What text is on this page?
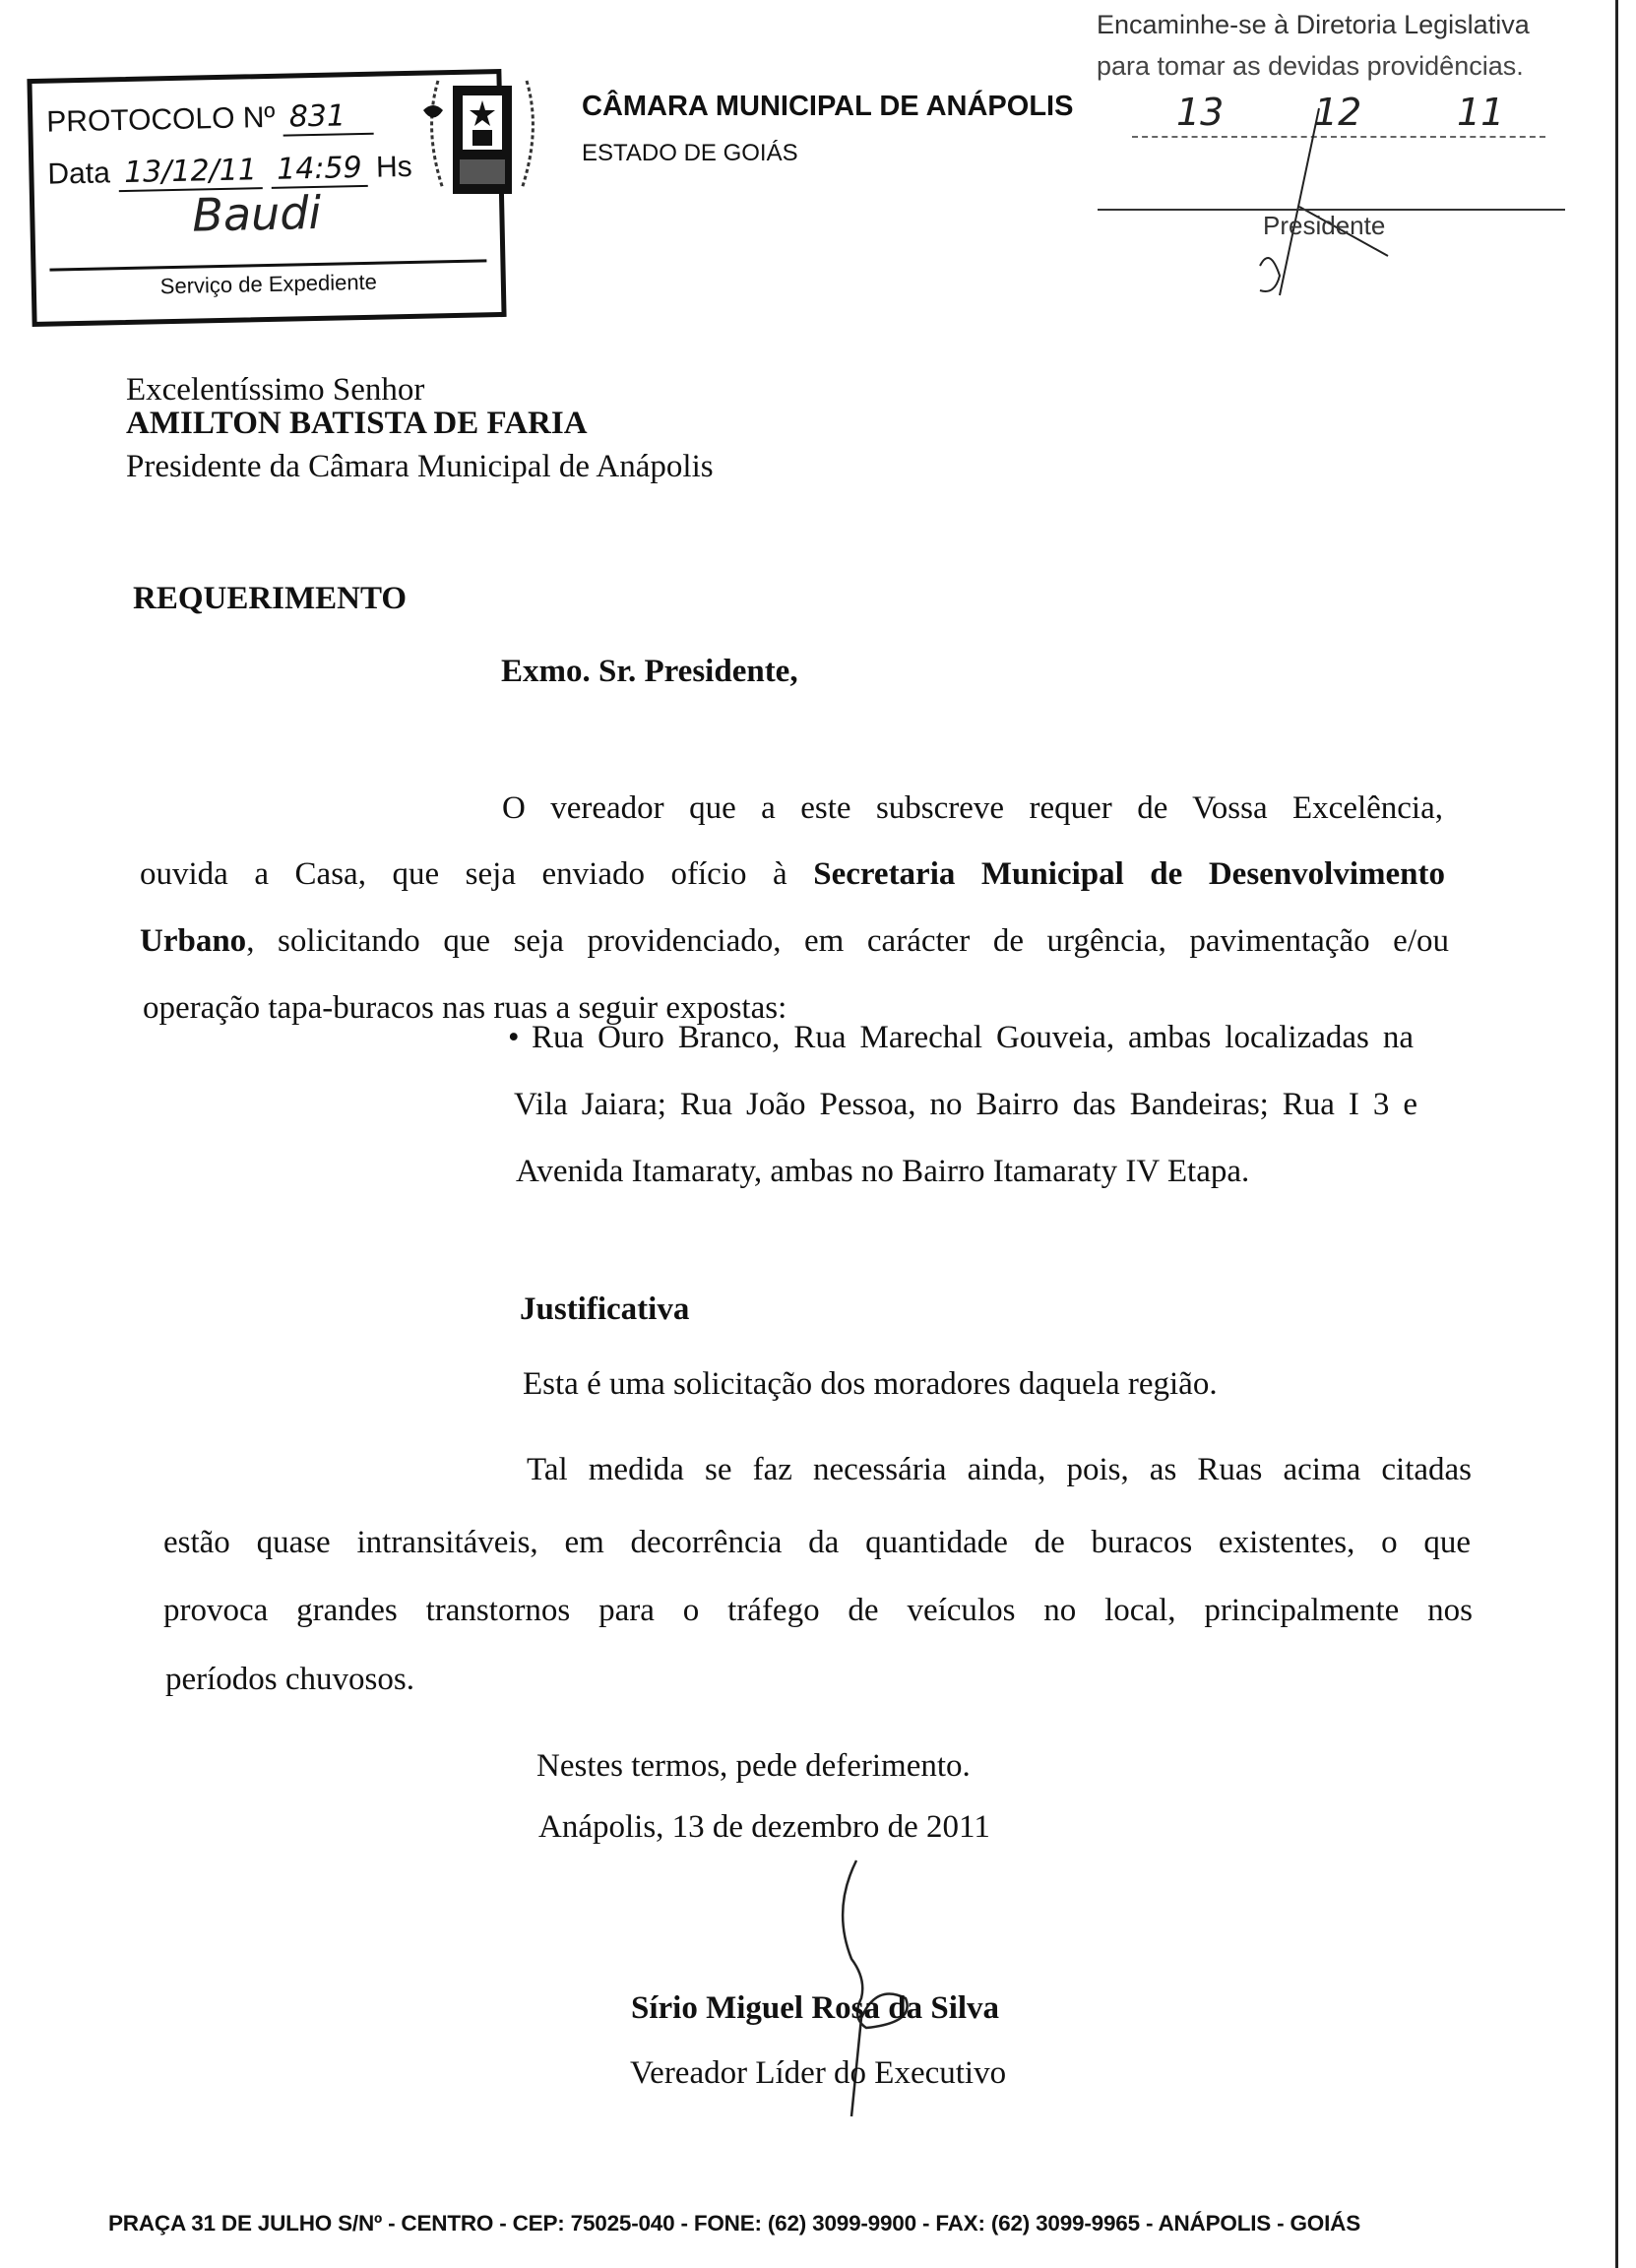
PROTOCOLO Nº 831
Data 13/12/11 14:59 Hs
Baudi
Serviço de Expediente
CÂMARA MUNICIPAL DE ANÁPOLIS
ESTADO DE GOIÁS
Encaminhe-se à Diretoria Legislativa
para tomar as devidas providências.
13 12	11
Presidente
Excelentíssimo Senhor
AMILTON BATISTA DE FARIA
Presidente da Câmara Municipal de Anápolis
REQUERIMENTO
Exmo. Sr. Presidente,
O vereador que a este subscreve requer de Vossa Excelência,
ouvida a Casa, que seja enviado ofício à Secretaria Municipal de Desenvolvimento
Urbano, solicitando que seja providenciado, em carácter de urgência, pavimentação e/ou
operação tapa-buracos nas ruas a seguir expostas:
• Rua Ouro Branco, Rua Marechal Gouveia, ambas localizadas na
Vila Jaiara; Rua João Pessoa, no Bairro das Bandeiras; Rua I 3 e
Avenida Itamaraty, ambas no Bairro Itamaraty IV Etapa.
Justificativa
Esta é uma solicitação dos moradores daquela região.
Tal medida se faz necessária ainda, pois, as Ruas acima citadas
estão quase intransitáveis, em decorrência da quantidade de buracos existentes, o que
provoca grandes transtornos para o tráfego de veículos no local, principalmente nos
períodos chuvosos.
Nestes termos, pede deferimento.
Anápolis, 13 de dezembro de 2011
Sírio Miguel Rosa da Silva
Vereador Líder do Executivo
PRAÇA 31 DE JULHO S/Nº - CENTRO - CEP: 75025-040 - FONE: (62) 3099-9900 - FAX: (62) 3099-9965 - ANÁPOLIS - GOIÁS
